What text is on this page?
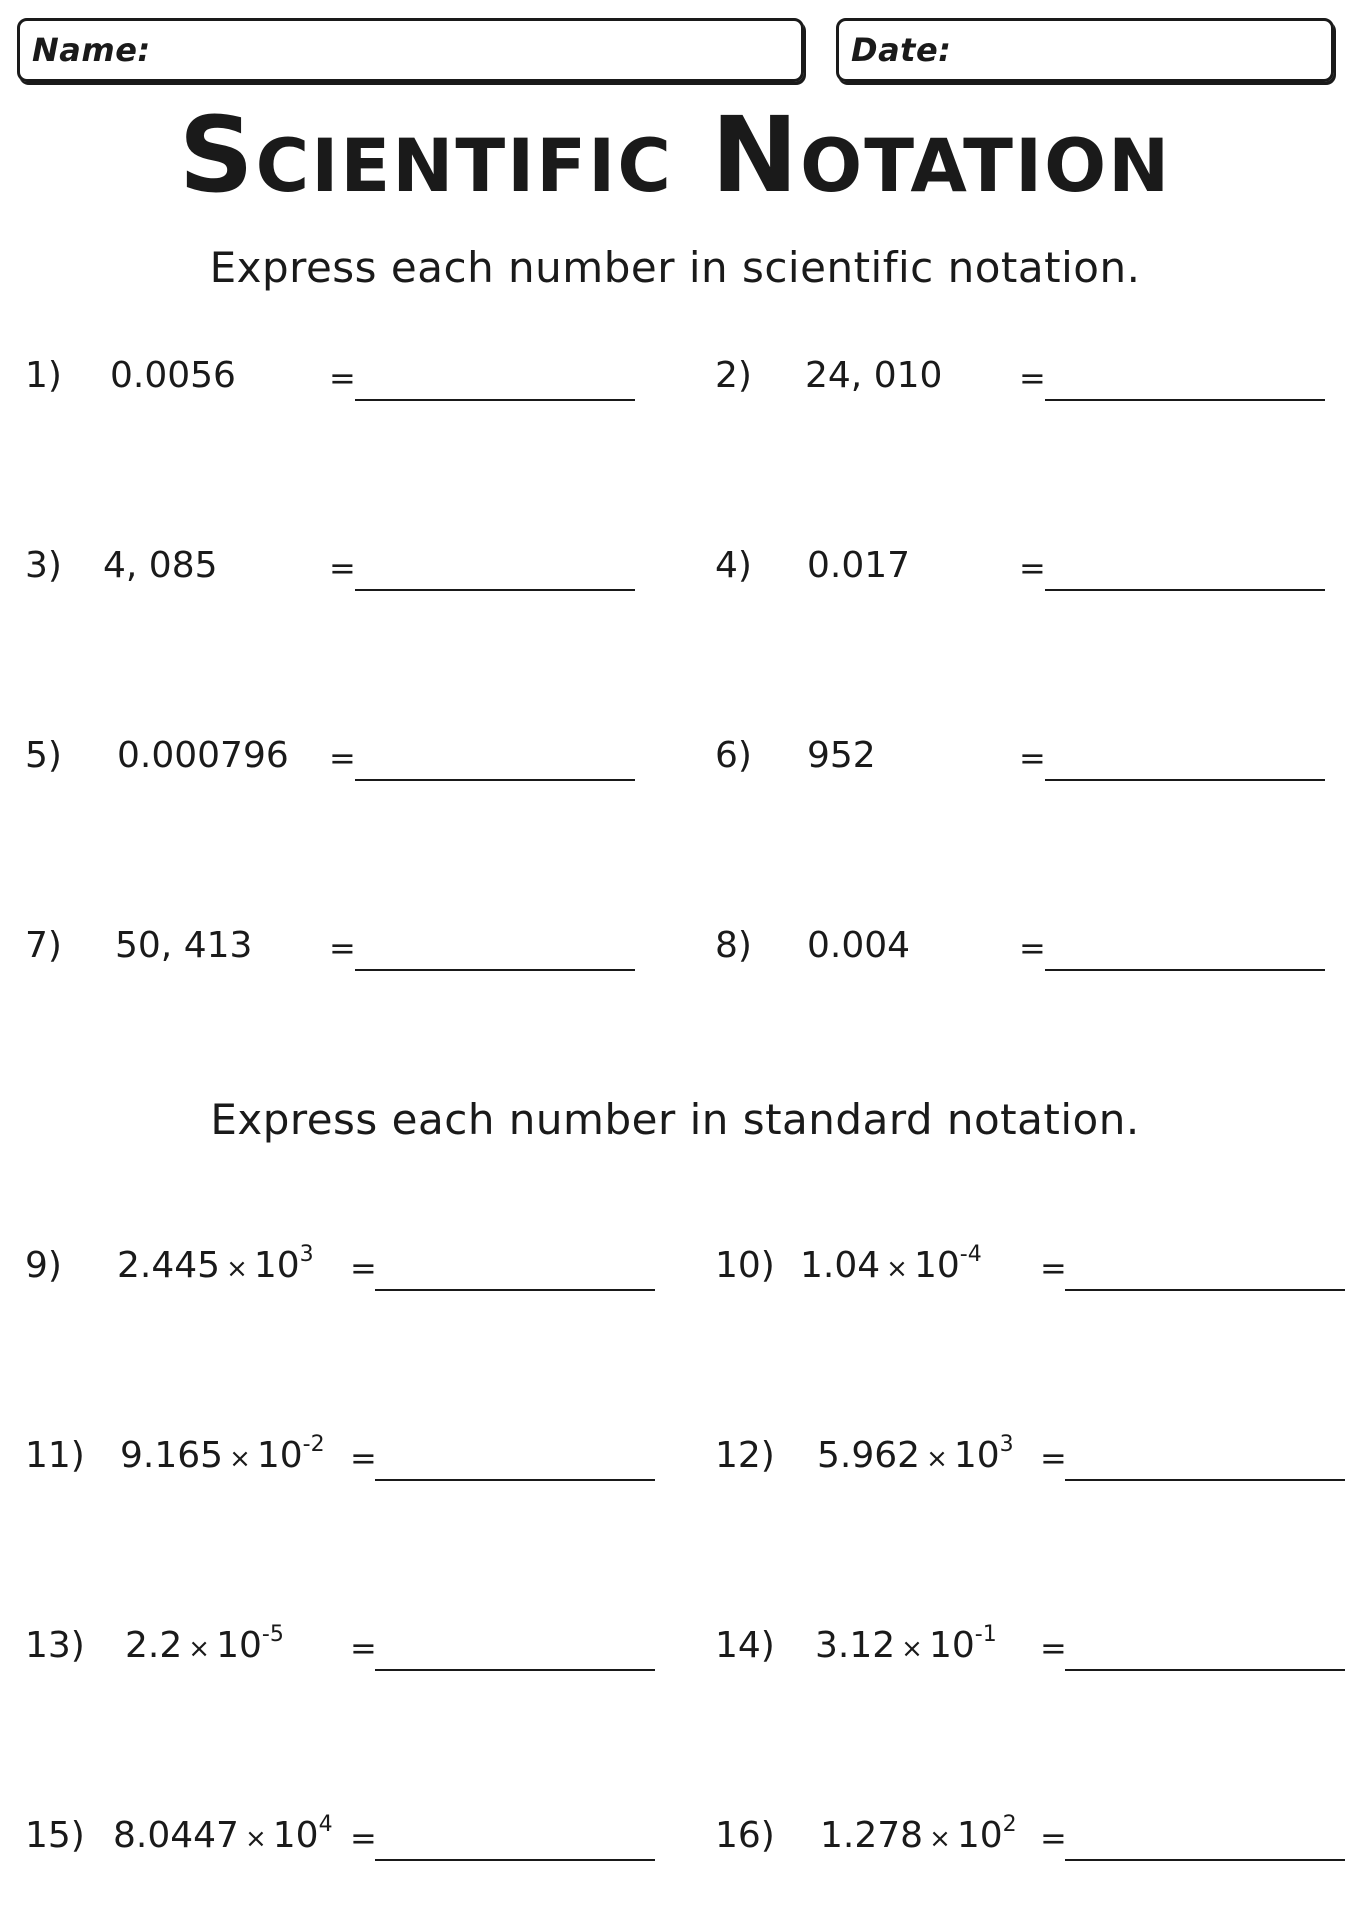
Name:	Date:
Scientific Notation
Express each number in scientific notation.
1) 0.0056	=	2) 24, 010 =
3) 4, 085	=	4) 0.017	=
5) 0.000796 =	6) 952	=
7) 50, 413 =	8) 0.004	=
Express each number in standard notation.
9) $2.445 \times 10^3$ =	10) $1.04 \times 10^{-4}$ =
11) $9.165 \times 10^{-2}$ =	12) $5.962 \times 10^3$ =
13) $2.2 \times 10^{-5}$ =	14) $3.12 \times 10^{-1}$ =
15) $8.0447 \times 10^4$ =	16) $1.278 \times 10^2$ =
